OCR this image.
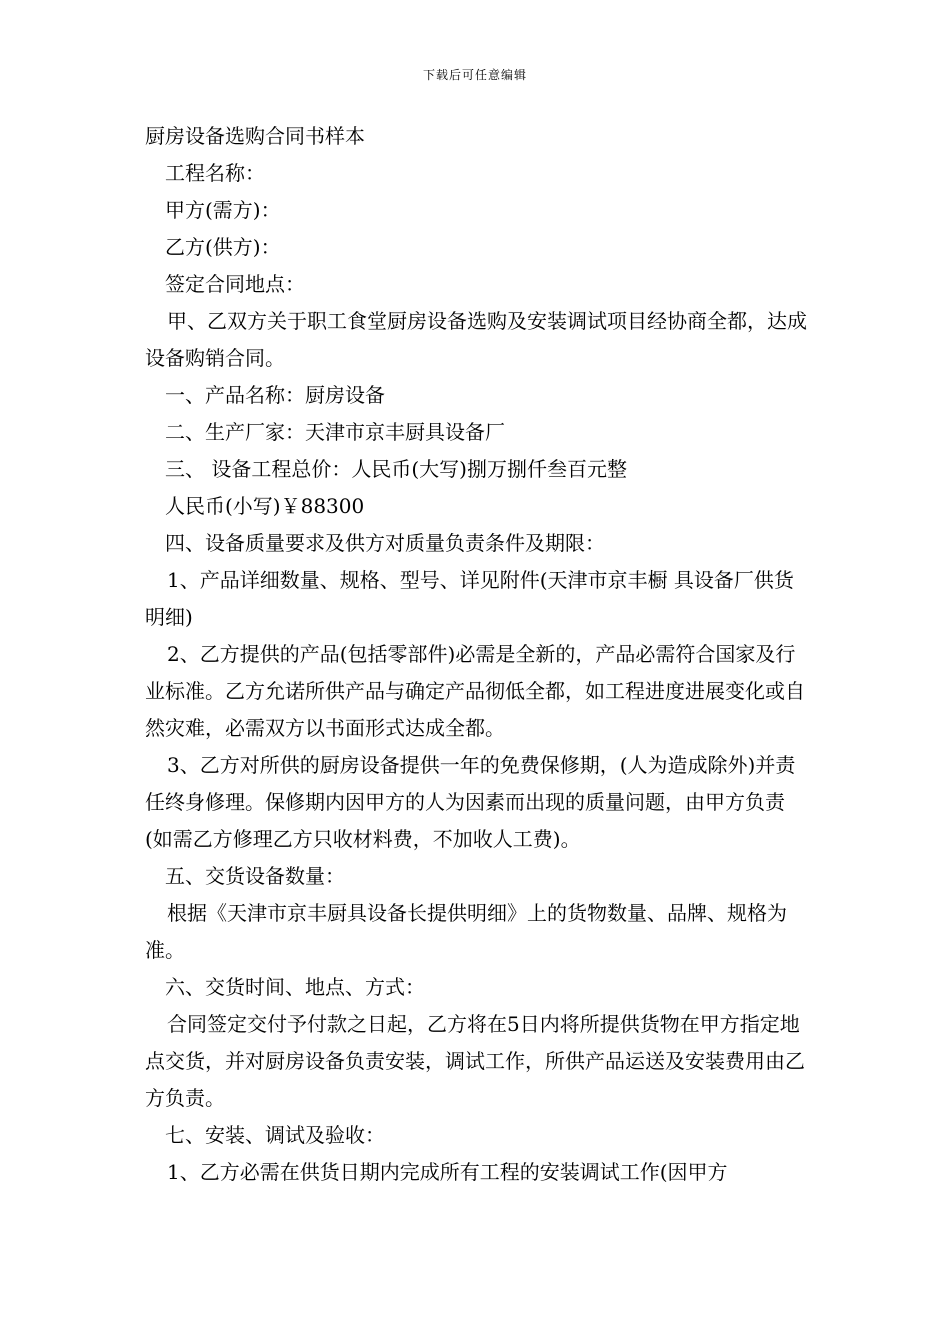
下载后可任意编辑

厨房设备选购合同书样本

工程名称：

甲方(需方)：

乙方(供方)：

签定合同地点：

甲、乙双方关于职工食堂厨房设备选购及安装调试项目经协商全都，达成设备购销合同。

一、产品名称：厨房设备

二、生产厂家：天津市京丰厨具设备厂

三、 设备工程总价：人民币(大写)捌万捌仟叁百元整

人民币(小写)￥88300

四、设备质量要求及供方对质量负责条件及期限：

1、产品详细数量、规格、型号、详见附件(天津市京丰橱 具设备厂供货明细)

2、乙方提供的产品(包括零部件)必需是全新的，产品必需符合国家及行业标准。乙方允诺所供产品与确定产品彻低全都，如工程进度进展变化或自然灾难，必需双方以书面形式达成全都。

3、乙方对所供的厨房设备提供一年的免费保修期，(人为造成除外)并责任终身修理。保修期内因甲方的人为因素而出现的质量问题，由甲方负责(如需乙方修理乙方只收材料费，不加收人工费)。

五、交货设备数量：

根据《天津市京丰厨具设备长提供明细》上的货物数量、品牌、规格为准。

六、交货时间、地点、方式：

合同签定交付予付款之日起，乙方将在5日内将所提供货物在甲方指定地点交货，并对厨房设备负责安装，调试工作，所供产品运送及安装费用由乙方负责。

七、安装、调试及验收：

1、乙方必需在供货日期内完成所有工程的安装调试工作(因甲方
